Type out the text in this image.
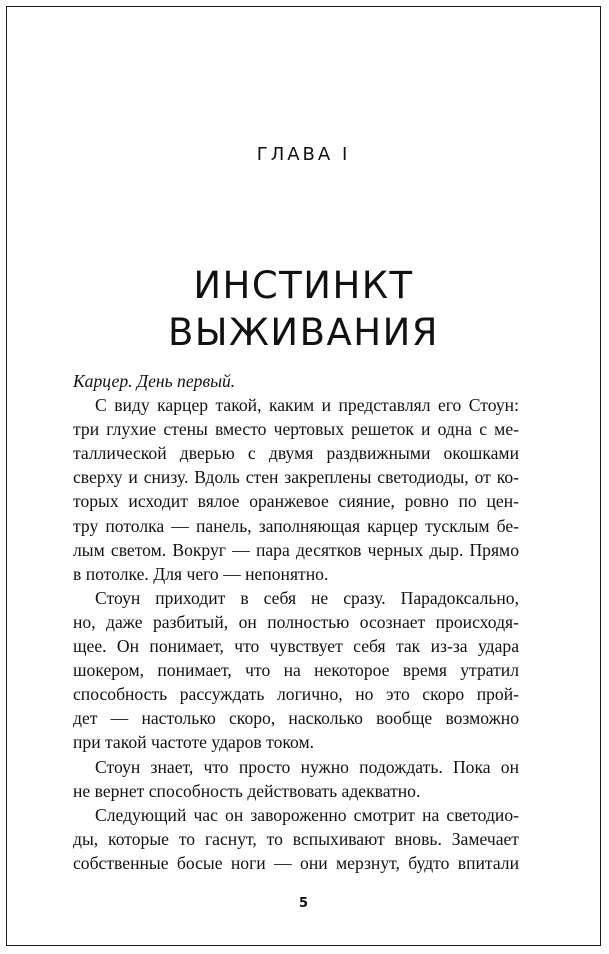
ГЛАВА I
ИНСТИНКТ
ВЫЖИВАНИЯ
Карцер. День первый.
С виду карцер такой, каким и представлял его Стоун:
три глухие стены вместо чертовых решеток и одна с ме-
таллической дверью с двумя раздвижными окошками
сверху и снизу. Вдоль стен закреплены светодиоды, от ко-
торых исходит вялое оранжевое сияние, ровно по цен-
тру потолка — панель, заполняющая карцер тусклым бе-
лым светом. Вокруг — пара десятков черных дыр. Прямо
в потолке. Для чего — непонятно.
Стоун приходит в себя не сразу. Парадоксально,
но, даже разбитый, он полностью осознает происходя-
щее. Он понимает, что чувствует себя так из-за удара
шокером, понимает, что на некоторое время утратил
способность рассуждать логично, но это скоро прой-
дет — настолько скоро, насколько вообще возможно
при такой частоте ударов током.
Стоун знает, что просто нужно подождать. Пока он
не вернет способность действовать адекватно.
Следующий час он завороженно смотрит на светодио-
ды, которые то гаснут, то вспыхивают вновь. Замечает
собственные босые ноги — они мерзнут, будто впитали
5
